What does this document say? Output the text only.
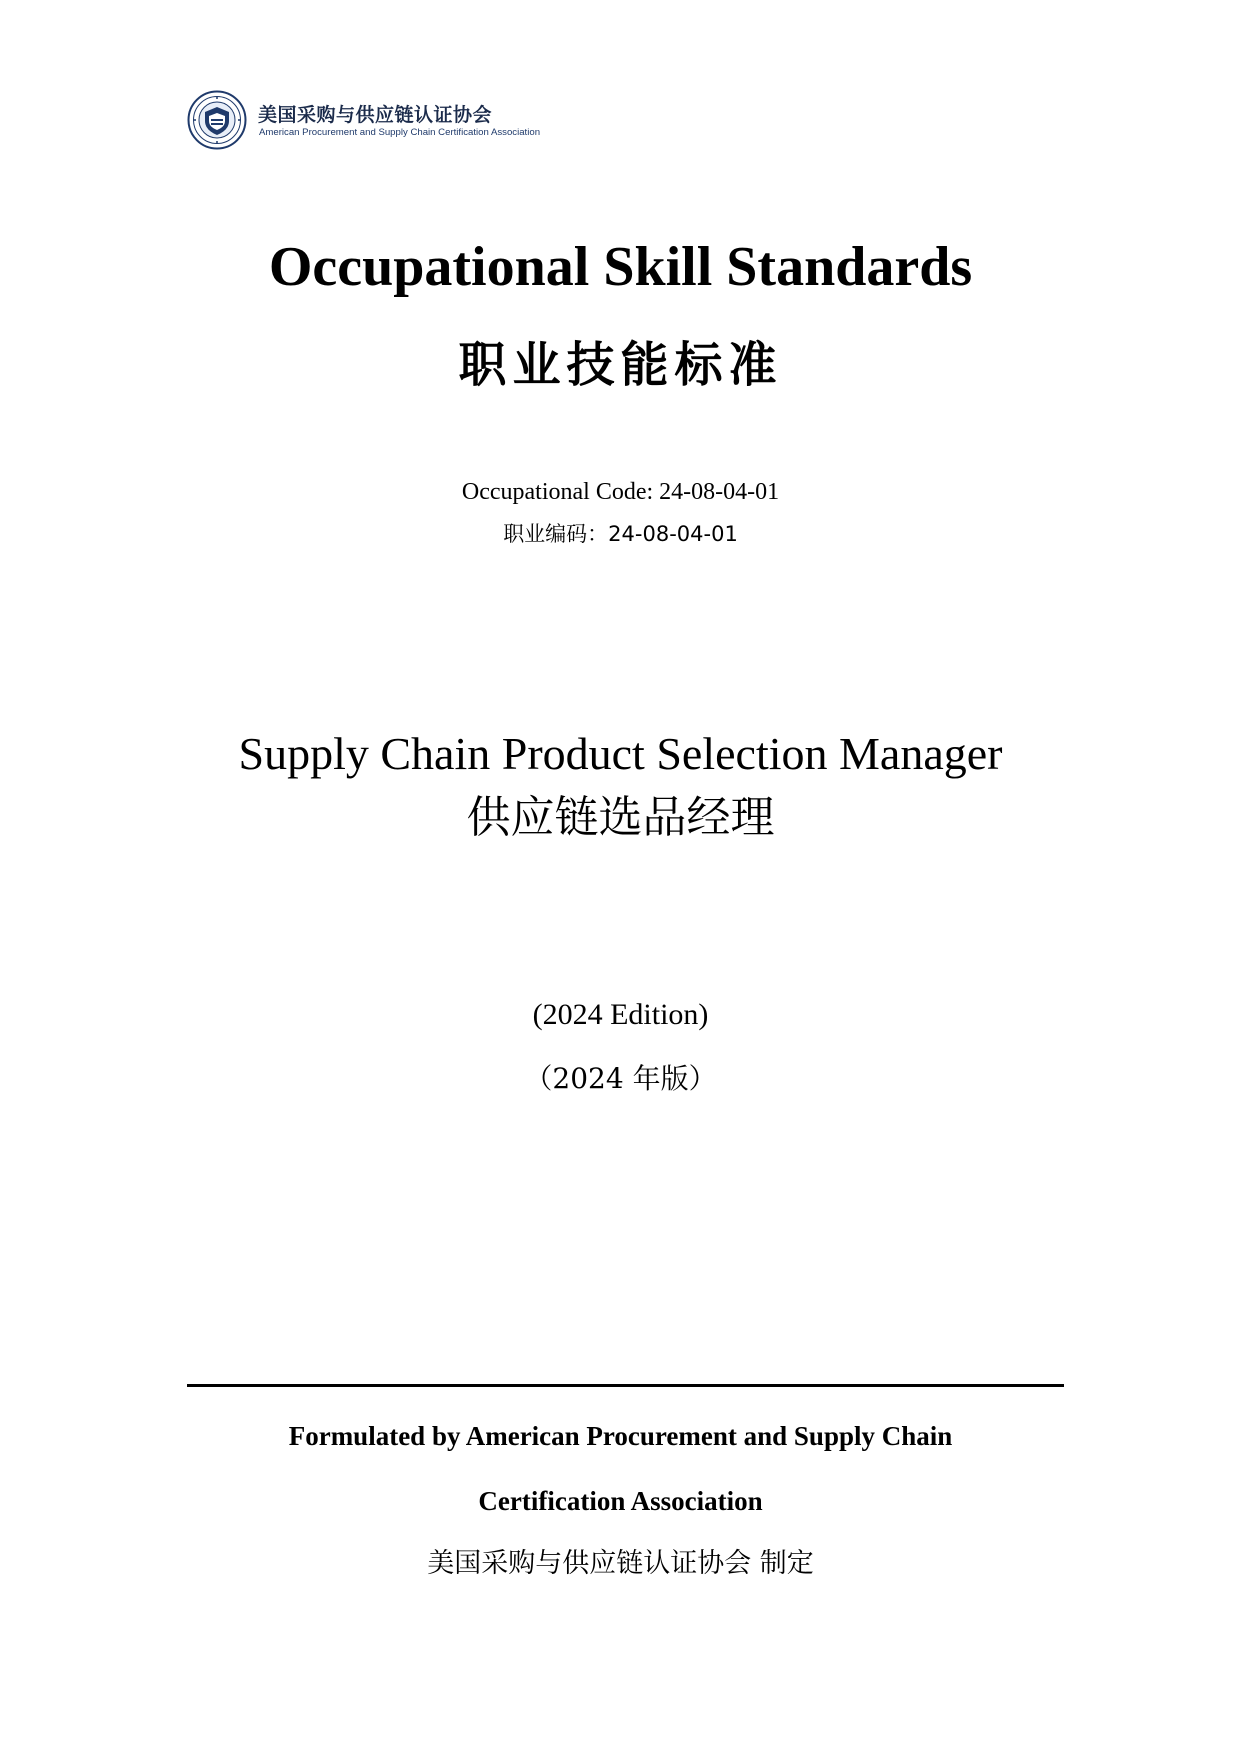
美国采购与供应链认证协会
American Procurement and Supply Chain Certification Association
Occupational Skill Standards
职业技能标准
Occupational Code: 24-08-04-01
职业编码：24-08-04-01
Supply Chain Product Selection Manager
供应链选品经理
(2024 Edition)
（2024 年版）
Formulated by American Procurement and Supply Chain
Certification Association
美国采购与供应链认证协会 制定
